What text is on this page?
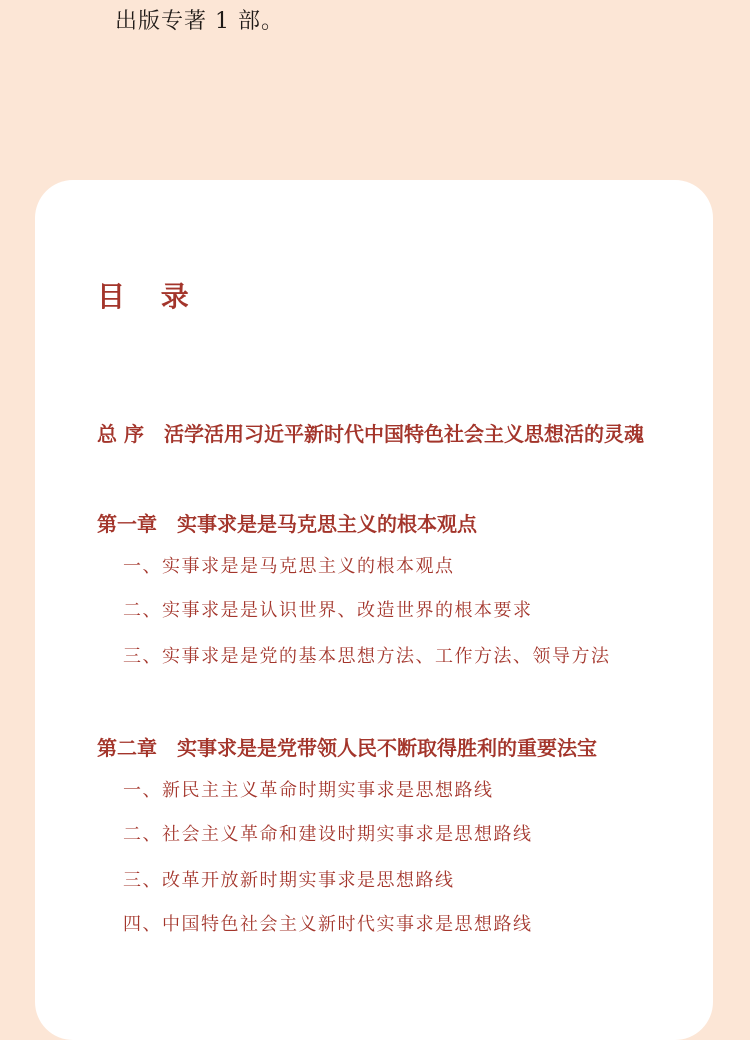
出版专著 1 部。
目 录
总 序 活学活用习近平新时代中国特色社会主义思想活的灵魂
第一章 实事求是是马克思主义的根本观点
一、实事求是是马克思主义的根本观点
二、实事求是是认识世界、改造世界的根本要求
三、实事求是是党的基本思想方法、工作方法、领导方法
第二章 实事求是是党带领人民不断取得胜利的重要法宝
一、新民主主义革命时期实事求是思想路线
二、社会主义革命和建设时期实事求是思想路线
三、改革开放新时期实事求是思想路线
四、中国特色社会主义新时代实事求是思想路线
